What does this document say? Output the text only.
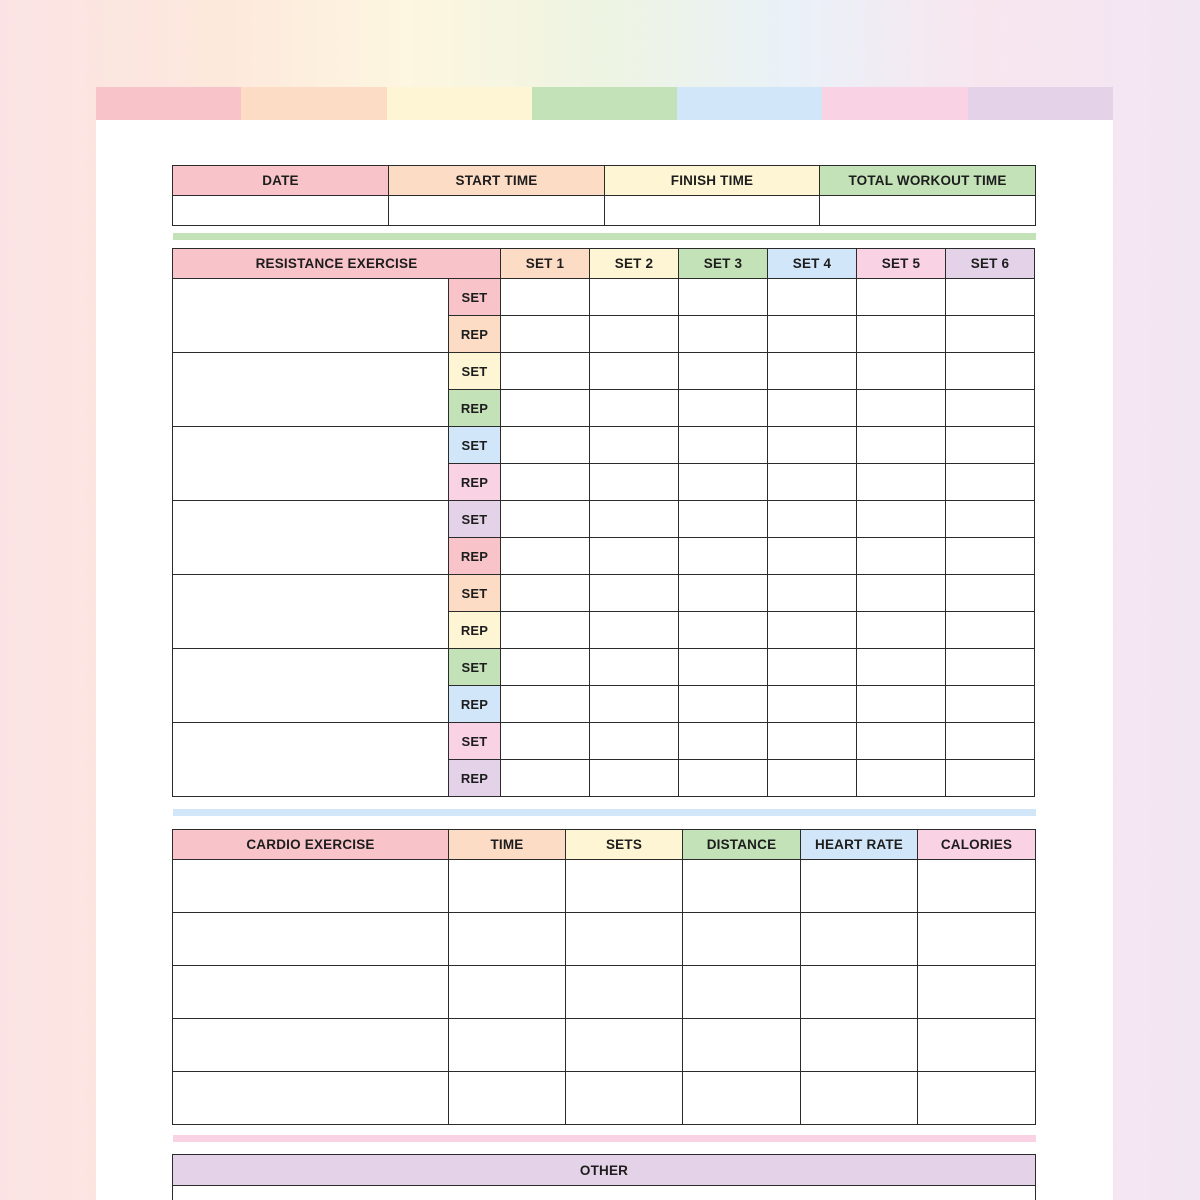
DATE	START TIME	FINISH TIME	TOTAL WORKOUT TIME

RESISTANCE EXERCISE		SET 1	SET 2	SET 3	SET 4	SET 5	SET 6
	SET						
	REP						
	SET						
	REP						
	SET						
	REP						
	SET						
	REP						
	SET						
	REP						
	SET						
	REP						
	SET						
	REP						
CARDIO EXERCISE	TIME	SETS	DISTANCE	HEART RATE	CALORIES

OTHER
